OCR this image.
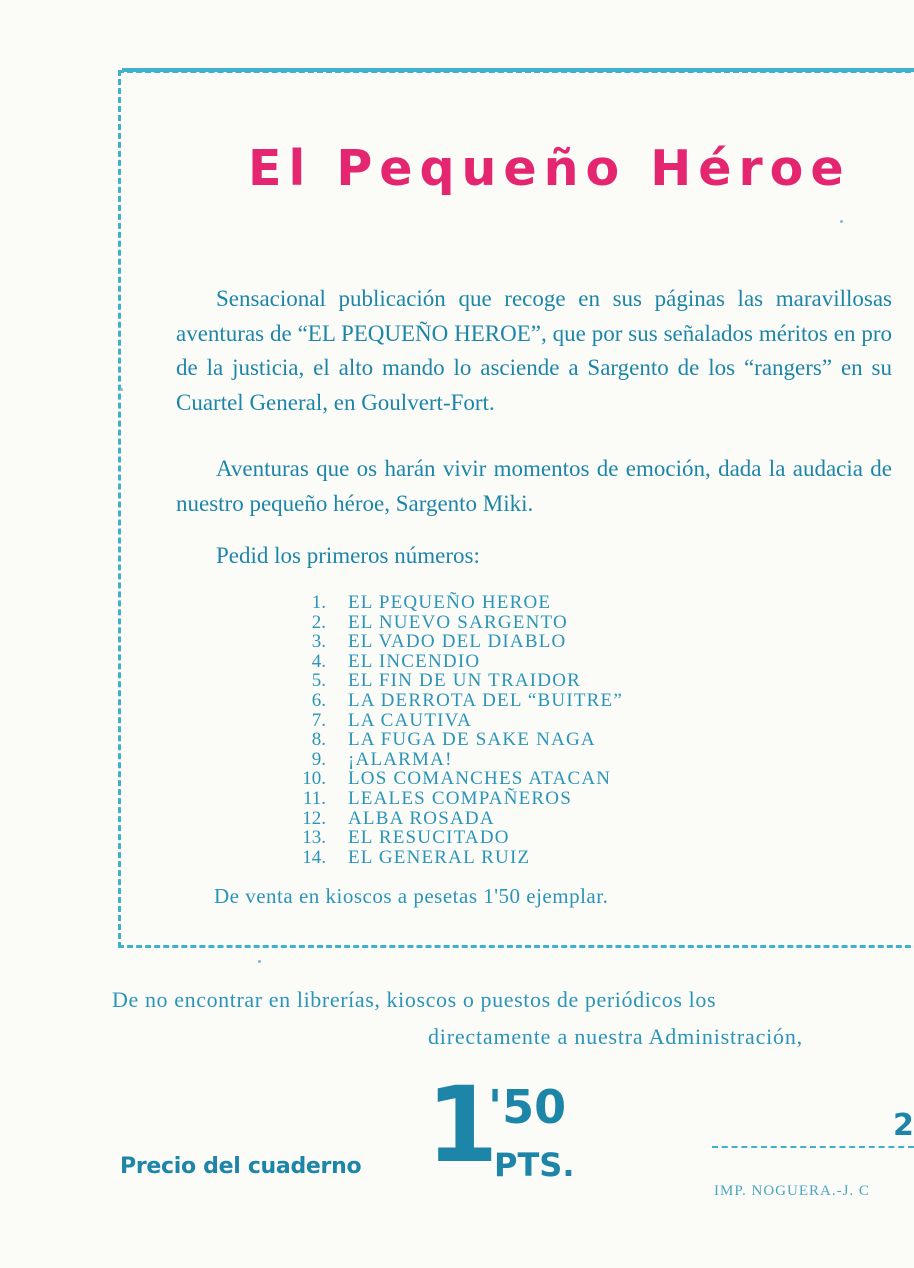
El Pequeño Héroe

Sensacional publicación que recoge en sus páginas las maravillosas aventuras de “EL PEQUEÑO HEROE”, que por sus señalados méritos en pro de la justicia, el alto mando lo asciende a Sargento de los “rangers” en su Cuartel General, en Goulvert-Fort.

Aventuras que os harán vivir momentos de emoción, dada la audacia de nuestro pequeño héroe, Sargento Miki.

Pedid los primeros números:

1. EL PEQUEÑO HEROE
2. EL NUEVO SARGENTO
3. EL VADO DEL DIABLO
4. EL INCENDIO
5. EL FIN DE UN TRAIDOR
6. LA DERROTA DEL “BUITRE”
7. LA CAUTIVA
8. LA FUGA DE SAKE NAGA
9. ¡ALARMA!
10. LOS COMANCHES ATACAN
11. LEALES COMPAÑEROS
12. ALBA ROSADA
13. EL RESUCITADO
14. EL GENERAL RUIZ

De venta en kioscos a pesetas 1'50 ejemplar.

De no encontrar en librerías, kioscos o puestos de periódicos los

directamente a nuestra Administración,

Precio del cuaderno 1

'50

PTS.

2

IMP. NOGUERA.-J. C
